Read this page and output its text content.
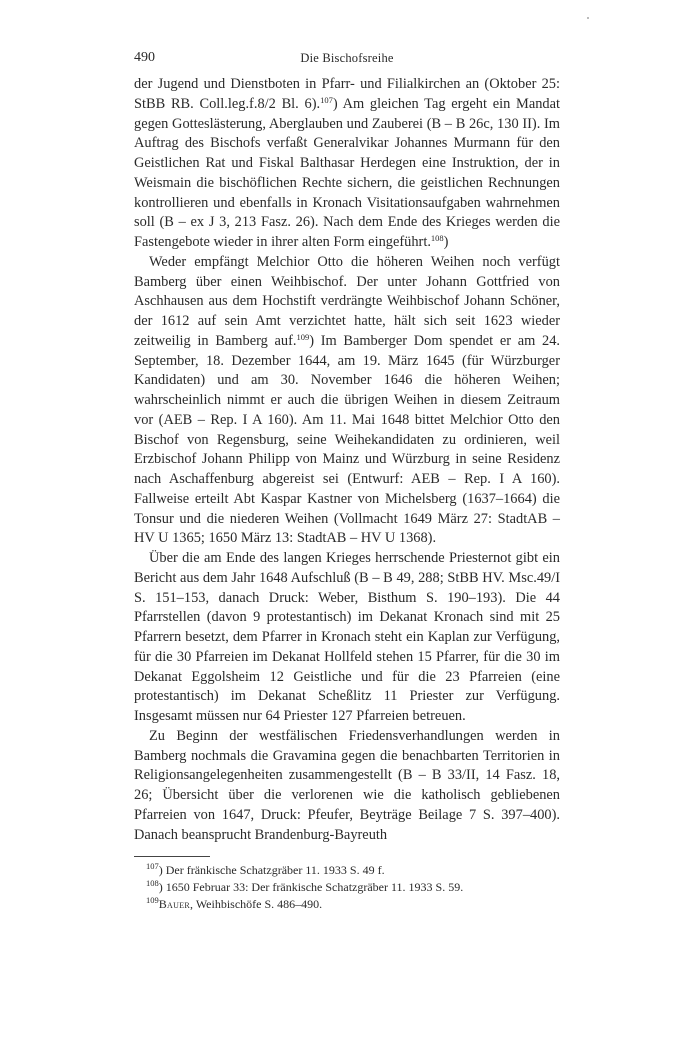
490	Die Bischofsreihe

der Jugend und Dienstboten in Pfarr- und Filialkirchen an (Oktober 25: StBB RB. Coll.leg.f.8/2 Bl. 6).$^{107}$) Am gleichen Tag ergeht ein Mandat gegen Gotteslästerung, Aberglauben und Zauberei (B – B 26c, 130 II). Im Auftrag des Bischofs verfaßt Generalvikar Johannes Murmann für den Geistlichen Rat und Fiskal Balthasar Herdegen eine Instruktion, der in Weismain die bischöflichen Rechte sichern, die geistlichen Rechnungen kontrollieren und ebenfalls in Kronach Visitationsaufgaben wahrnehmen soll (B – ex J 3, 213 Fasz. 26). Nach dem Ende des Krieges werden die Fastengebote wieder in ihrer alten Form eingeführt.$^{108}$)

Weder empfängt Melchior Otto die höheren Weihen noch verfügt Bamberg über einen Weihbischof. Der unter Johann Gottfried von Aschhausen aus dem Hochstift verdrängte Weihbischof Johann Schöner, der 1612 auf sein Amt verzichtet hatte, hält sich seit 1623 wieder zeitweilig in Bamberg auf.$^{109}$) Im Bamberger Dom spendet er am 24. September, 18. Dezember 1644, am 19. März 1645 (für Würzburger Kandidaten) und am 30. November 1646 die höheren Weihen; wahrscheinlich nimmt er auch die übrigen Weihen in diesem Zeitraum vor (AEB – Rep. I A 160). Am 11. Mai 1648 bittet Melchior Otto den Bischof von Regensburg, seine Weihekandidaten zu ordinieren, weil Erzbischof Johann Philipp von Mainz und Würzburg in seine Residenz nach Aschaffenburg abgereist sei (Entwurf: AEB – Rep. I A 160). Fallweise erteilt Abt Kaspar Kastner von Michelsberg (1637–1664) die Tonsur und die niederen Weihen (Vollmacht 1649 März 27: StadtAB – HV U 1365; 1650 März 13: StadtAB – HV U 1368).

Über die am Ende des langen Krieges herrschende Priesternot gibt ein Bericht aus dem Jahr 1648 Aufschluß (B – B 49, 288; StBB HV. Msc.49/I S. 151–153, danach Druck: Weber, Bisthum S. 190–193). Die 44 Pfarrstellen (davon 9 protestantisch) im Dekanat Kronach sind mit 25 Pfarrern besetzt, dem Pfarrer in Kronach steht ein Kaplan zur Verfügung, für die 30 Pfarreien im Dekanat Hollfeld stehen 15 Pfarrer, für die 30 im Dekanat Eggolsheim 12 Geistliche und für die 23 Pfarreien (eine protestantisch) im Dekanat Scheßlitz 11 Priester zur Verfügung. Insgesamt müssen nur 64 Priester 127 Pfarreien betreuen.

Zu Beginn der westfälischen Friedensverhandlungen werden in Bamberg nochmals die Gravamina gegen die benachbarten Territorien in Religionsangelegenheiten zusammengestellt (B – B 33/II, 14 Fasz. 18, 26; Übersicht über die verlorenen wie die katholisch gebliebenen Pfarreien von 1647, Druck: Pfeufer, Beyträge Beilage 7 S. 397–400). Danach beansprucht Brandenburg-Bayreuth

$^{107}$) Der fränkische Schatzgräber 11. 1933 S. 49 f.

$^{108}$) 1650 Februar 33: Der fränkische Schatzgräber 11. 1933 S. 59.

$^{109}$Bauer, Weihbischöfe S. 486–490.
